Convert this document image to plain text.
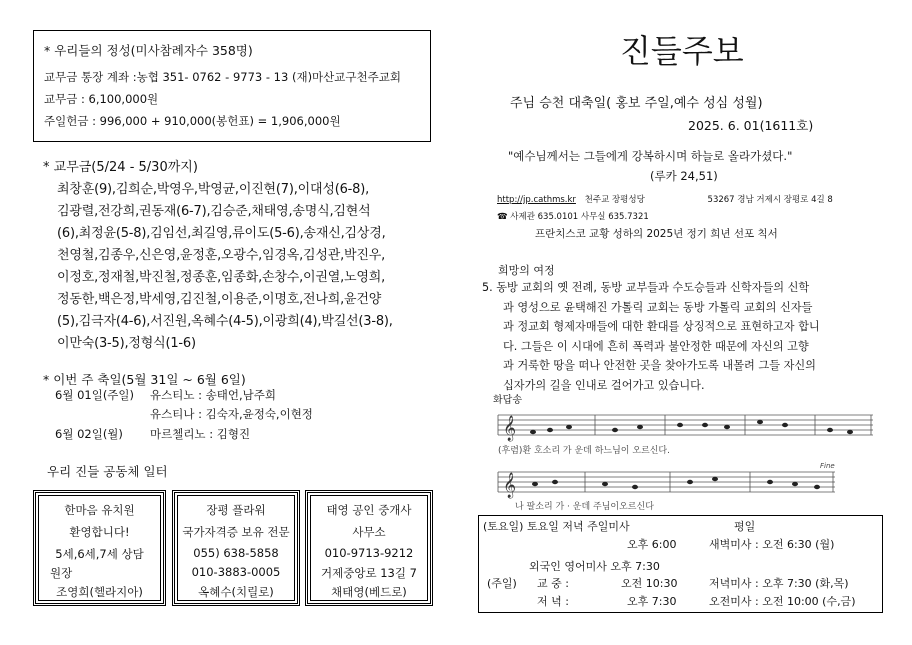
* 우리들의 정성(미사참례자수 358명)
교무금 통장 계좌 :농협 351- 0762 - 9773 - 13 (재)마산교구천주교회
교무금 : 6,100,000원
주일헌금 : 996,000 + 910,000(봉헌표) = 1,906,000원
* 교무금(5/24 - 5/30까지)
최창훈(9),김희순,박영우,박영균,이진현(7),이대성(6-8),
김광렬,전강희,권동재(6-7),김승준,채태영,송명식,김현석
(6),최정윤(5-8),김임선,최길영,류이도(5-6),송재신,김상경,
천영철,김종우,신은영,윤정훈,오광수,임경옥,김성관,박진우,
이정호,정재철,박진철,정종훈,임종화,손창수,이권열,노영희,
정동한,백은정,박세영,김진철,이용준,이명호,전나희,윤건양
(5),김극자(4-6),서진원,옥혜수(4-5),이광희(4),박길선(3-8),
이만숙(3-5),정형식(1-6)
* 이번 주 축일(5월 31일 ~ 6월 6일)
6월 01일(주일) 유스티노 : 송태언,남주희
유스티나 : 김숙자,윤정숙,이현정
6월 02일(월) 마르첼리노 : 김형진
우리 진들 공동체 일터
한마음 유치원
환영합니다!
5세,6세,7세 상담
원장
조영희(헬라지아)
장평 플라워
국가자격증 보유 전문
055) 638-5858
010-3883-0005
옥혜수(치릴로)
태영 공인 중개사
사무소
010-9713-9212
거제중앙로 13길 7
채태영(베드로)
진들주보
주님 승천 대축일( 홍보 주일,예수 성심 성월)
2025. 6. 01(1611호)
"예수님께서는 그들에게 강복하시며 하늘로 올라가셨다."
(루카 24,51)
http://jp.cathms.kr 천주교 장평성당	53267 경남 거제시 장평로 4길 8
☎ 사제관 635.0101 사무실 635.7321
프란치스코 교황 성하의 2025년 정기 희년 선포 칙서
희망의 여정
5. 동방 교회의 옛 전례, 동방 교부들과 수도승들과 신학자들의 신학
과 영성으로 윤택해진 가톨릭 교회는 동방 가톨릭 교회의 신자들
과 정교회 형제자매들에 대한 환대를 상징적으로 표현하고자 합니
다. 그들은 이 시대에 흔히 폭력과 불안정한 때문에 자신의 고향
과 거룩한 땅을 떠나 안전한 곳을 찾아가도록 내몰려 그들 자신의
십자가의 길을 인내로 걸어가고 있습니다.
화답송
𝄞
(후렴)환 호소리 가 운데 하느님이 오르신다.
𝄞
Fine
나 팔소리 가 · 운데 주님이오르신다
(토요일) 토요일 저녁 주일미사	평일
오후 6:00	새벽미사 : 오전 6:30 (월)
외국인 영어미사 오후 7:30
(주일) 교 중 :	오전 10:30	저녁미사 : 오후 7:30 (화,목)
저 녁 :	오후 7:30	오전미사 : 오전 10:00 (수,금)
